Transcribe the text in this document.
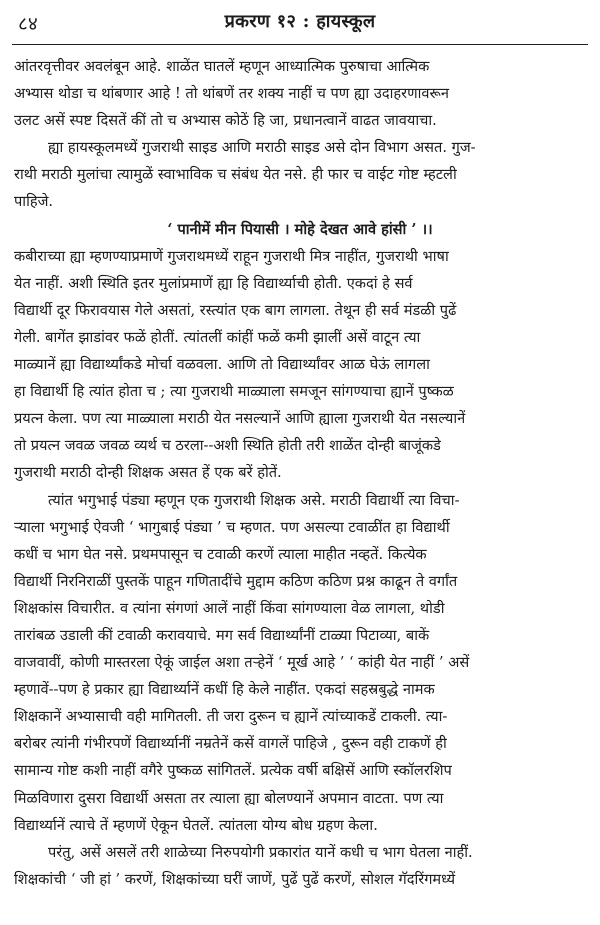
८४	प्रकरण १२ : हायस्कूल
आंतरवृत्तीवर अवलंबून आहे. शाळेंत घातलें म्हणून आध्यात्मिक पुरुषाचा आत्मिक
अभ्यास थोडा च थांबणार आहे ! तो थांबणें तर शक्य नाहीं च पण ह्या उदाहरणावरून
उलट असें स्पष्ट दिसतें कीं तो च अभ्यास कोठें हि जा, प्रधानत्वानें वाढत जावयाचा.
ह्या हायस्कूलमध्यें गुजराथी साइड आणि मराठी साइड असे दोन विभाग असत. गुज-
राथी मराठी मुलांचा त्यामुळें स्वाभाविक च संबंध येत नसे. ही फार च वाईट गोष्ट म्हटली
पाहिजे.
‘ पानीमें मीन पियासी । मोहे देखत आवे हांसी ’ ।।
कबीराच्या ह्या म्हणण्याप्रमाणें गुजराथमध्यें राहून गुजराथी मित्र नाहींत, गुजराथी भाषा
येत नाहीं. अशी स्थिति इतर मुलांप्रमाणें ह्या हि विद्यार्थ्याची होती. एकदां हे सर्व
विद्यार्थी दूर फिरावयास गेले असतां, रस्त्यांत एक बाग लागला. तेथून ही सर्व मंडळी पुढें
गेली. बागेंत झाडांवर फळें होतीं. त्यांतलीं कांहीं फळें कमी झालीं असें वाटून त्या
माळ्यानें ह्या विद्यार्थ्यांकडे मोर्चा वळवला. आणि तो विद्यार्थ्यांवर आळ घेऊं लागला
हा विद्यार्थी हि त्यांत होता च ; त्या गुजराथी माळ्याला समजून सांगण्याचा ह्यानें पुष्कळ
प्रयत्न केला. पण त्या माळ्याला मराठी येत नसल्यानें आणि ह्याला गुजराथी येत नसल्यानें
तो प्रयत्न जवळ जवळ व्यर्थ च ठरला--अशी स्थिति होती तरी शाळेंत दोन्ही बाजूंकडे
गुजराथी मराठी दोन्ही शिक्षक असत हें एक बरें होतें.
त्यांत भगुभाई पंड्या म्हणून एक गुजराथी शिक्षक असे. मराठी विद्यार्थी त्या विचा-
र्‍याला भगुभाई ऐवजी ‘ भागुबाई पंड्या ’ च म्हणत. पण असल्या टवाळींत हा विद्यार्थी
कधीं च भाग घेत नसे. प्रथमपासून च टवाळी करणें त्याला माहीत नव्हतें. कित्येक
विद्यार्थी निरनिराळीं पुस्तकें पाहून गणितादींचे मुद्दाम कठिण कठिण प्रश्न काढून ते वर्गांत
शिक्षकांस विचारीत. व त्यांना संगणां आलें नाहीं किंवा सांगण्याला वेळ लागला, थोडी
तारांबळ उडाली कीं टवाळी करावयाचे. मग सर्व विद्यार्थ्यांनीं टाळ्या पिटाव्या, बाकें
वाजवावीं, कोणी मास्तरला ऐकूं जाईल अशा तऱ्हेनें ‘ मूर्ख आहे ’ ‘ कांही येत नाहीं ’ असें
म्हणावें--पण हे प्रकार ह्या विद्यार्थ्यानें कधीं हि केले नाहींत. एकदां सहस्रबुद्धे नामक
शिक्षकानें अभ्यासाची वही मागितली. ती जरा दुरून च ह्यानें त्यांच्याकडें टाकली. त्या-
बरोबर त्यांनी गंभीरपणें विद्यार्थ्यानीं नम्रतेनें कसें वागलें पाहिजे , दुरून वही टाकणें ही
सामान्य गोष्ट कशी नाहीं वगैरे पुष्कळ सांगितलें. प्रत्येक वर्षी बक्षिसें आणि स्कॉलरशिप
मिळविणारा दुसरा विद्यार्थी असता तर त्याला ह्या बोलण्यानें अपमान वाटता. पण त्या
विद्यार्थ्यानें त्याचे तें म्हणणें ऐकून घेतलें. त्यांतला योग्य बोध ग्रहण केला.
परंतु, असें असलें तरी शाळेच्या निरुपयोगी प्रकारांत यानें कधी च भाग घेतला नाहीं.
शिक्षकांची ‘ जी हां ’ करणें, शिक्षकांच्या घरीं जाणें, पुढें पुढें करणें, सोशल गॅदरिंगमध्यें
